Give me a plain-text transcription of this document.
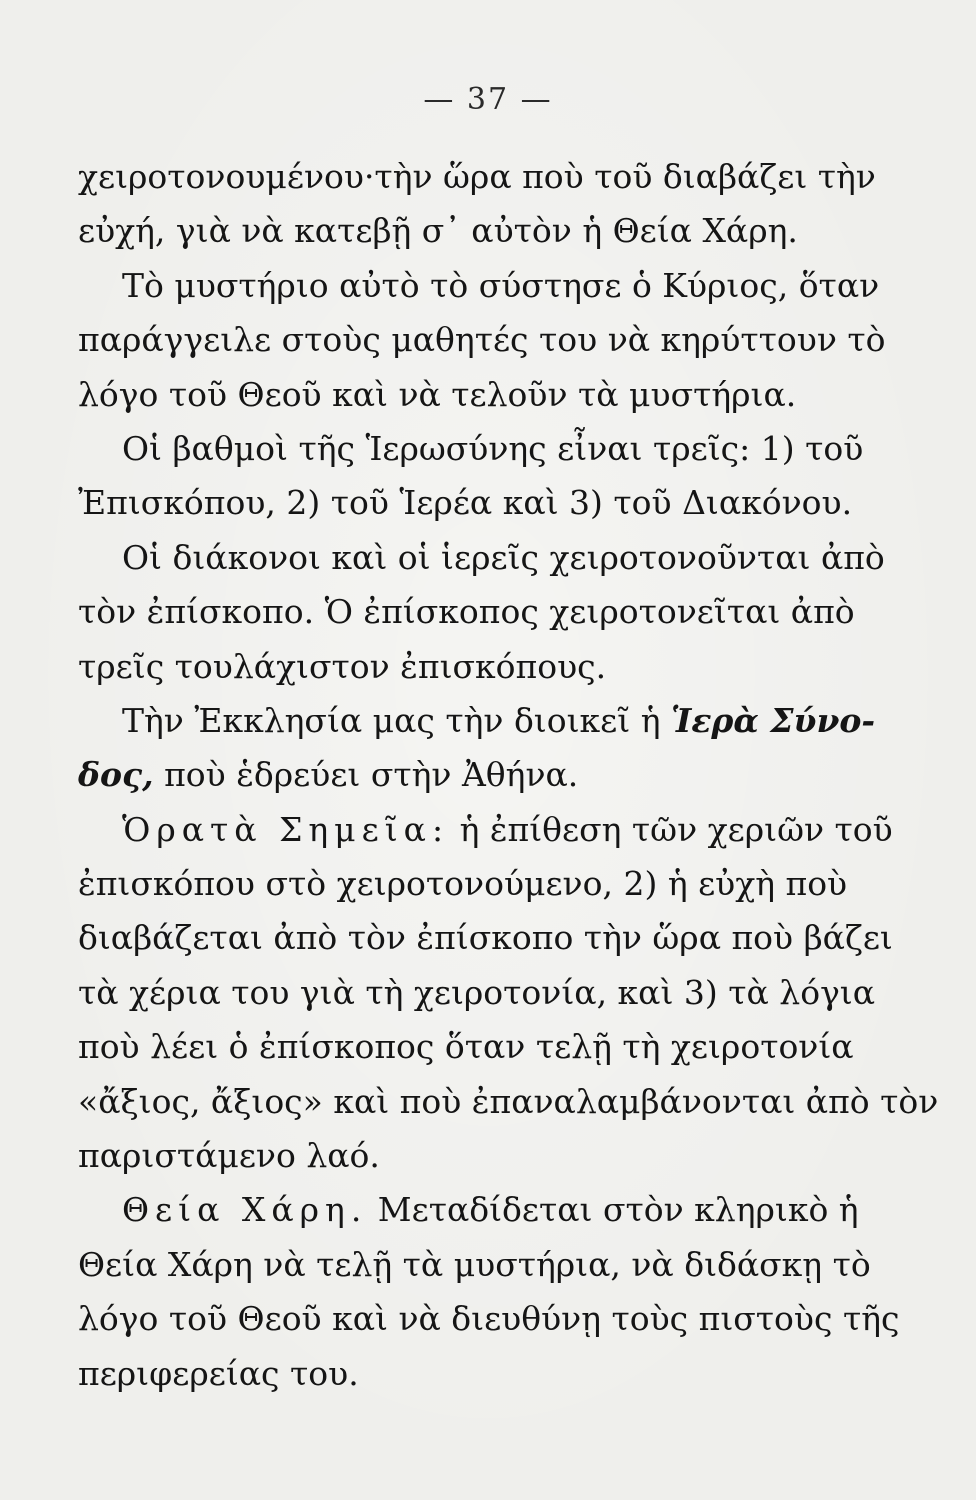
— 37 —
χειροτονουμένου·τὴν ὥρα ποὺ τοῦ διαβάζει τὴν
εὐχή, γιὰ νὰ κατεβῇ σ᾽ αὐτὸν ἡ Θεία Χάρη.
Τὸ μυστήριο αὐτὸ τὸ σύστησε ὁ Κύριος, ὅταν
παράγγειλε στοὺς μαθητές του νὰ κηρύττουν τὸ
λόγο τοῦ Θεοῦ καὶ νὰ τελοῦν τὰ μυστήρια.
Οἱ βαθμοὶ τῆς Ἱερωσύνης εἶναι τρεῖς: 1) τοῦ
Ἐπισκόπου, 2) τοῦ Ἱερέα καὶ 3) τοῦ Διακόνου.
Οἱ διάκονοι καὶ οἱ ἱερεῖς χειροτονοῦνται ἀπὸ
τὸν ἐπίσκοπο. Ὁ ἐπίσκοπος χειροτονεῖται ἀπὸ
τρεῖς τουλάχιστον ἐπισκόπους.
Τὴν Ἐκκλησία μας τὴν διοικεῖ ἡ Ἱερὰ Σύνο-
δος, ποὺ ἑδρεύει στὴν Ἀθήνα.
Ὁρατὰ Σημεῖα: ἡ ἐπίθεση τῶν χεριῶν τοῦ
ἐπισκόπου στὸ χειροτονούμενο, 2) ἡ εὐχὴ ποὺ
διαβάζεται ἀπὸ τὸν ἐπίσκοπο τὴν ὥρα ποὺ βάζει
τὰ χέρια του γιὰ τὴ χειροτονία, καὶ 3) τὰ λόγια
ποὺ λέει ὁ ἐπίσκοπος ὅταν τελῇ τὴ χειροτονία
«ἄξιος, ἄξιος» καὶ ποὺ ἐπαναλαμβάνονται ἀπὸ τὸν
παριστάμενο λαό.
Θεία Χάρη. Μεταδίδεται στὸν κληρικὸ ἡ
Θεία Χάρη νὰ τελῇ τὰ μυστήρια, νὰ διδάσκῃ τὸ
λόγο τοῦ Θεοῦ καὶ νὰ διευθύνῃ τοὺς πιστοὺς τῆς
περιφερείας του.
